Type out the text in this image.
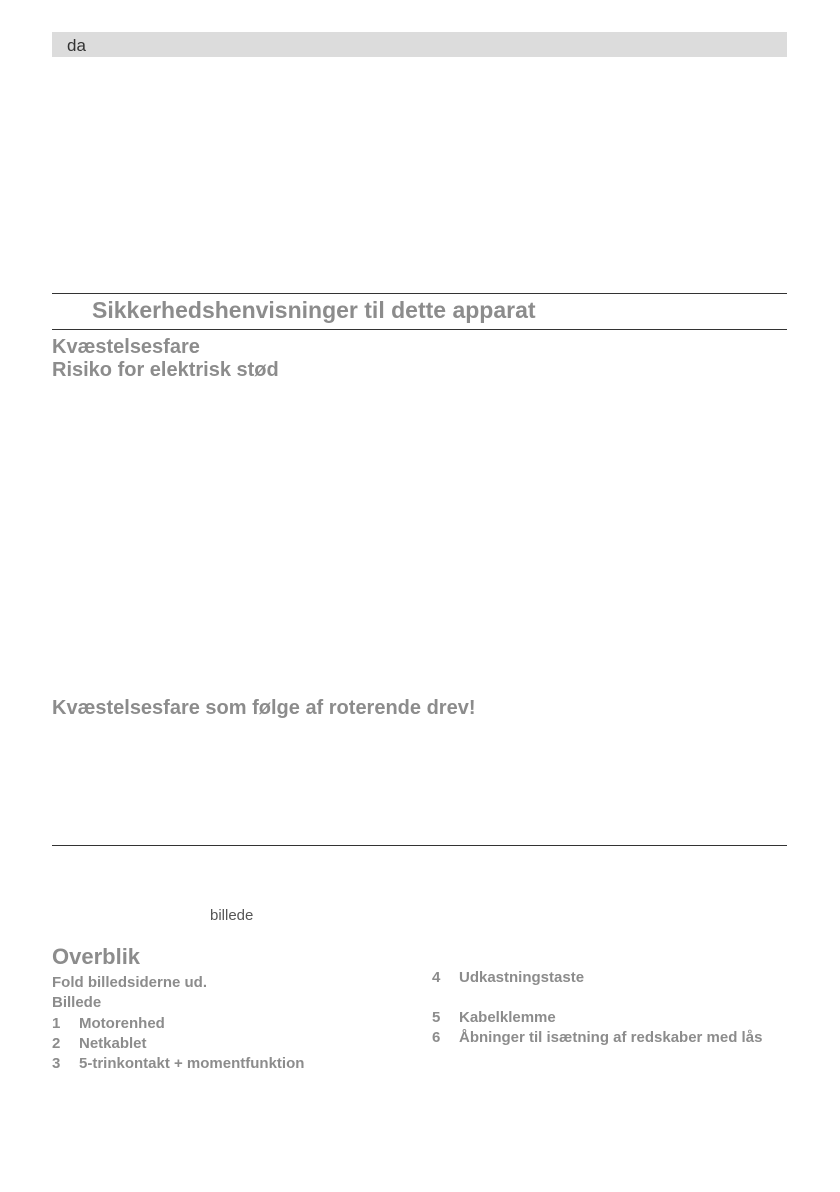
da
Sikkerhedshenvisninger til dette apparat
Kvæstelsesfare
Risiko for elektrisk stød
Kvæstelsesfare som følge af roterende drev!
billede
Overblik
Fold billedsiderne ud.
Billede
1 Motorenhed
2 Netkablet
3 5-trinkontakt + momentfunktion
4 Udkastningstaste
5 Kabelklemme
6 Åbninger til isætning af redskaber med lås
